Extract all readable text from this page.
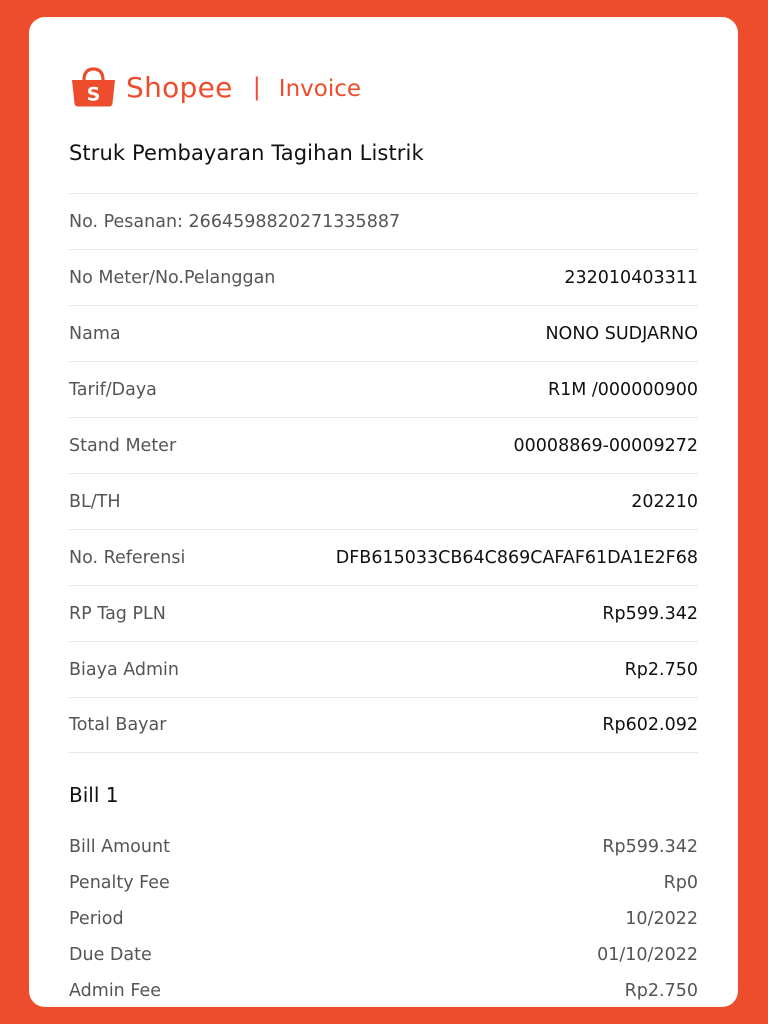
S Shopee | Invoice
Struk Pembayaran Tagihan Listrik
No. Pesanan: 266459882027133588​7
No Meter/No.Pelanggan	232010403311
Nama	NONO SUDJARNO
Tarif/Daya	R1M /000000900
Stand Meter	00008869-00009272
BL/TH	202210
No. Referensi	DFB615033CB64C869CAFAF61DA1E2F68
RP Tag PLN	Rp599.342
Biaya Admin	Rp2.750
Total Bayar	Rp602.092
Bill 1
Bill Amount	Rp599.342
Penalty Fee	Rp0
Period	10/2022
Due Date	01/10/2022
Admin Fee	Rp2.750
